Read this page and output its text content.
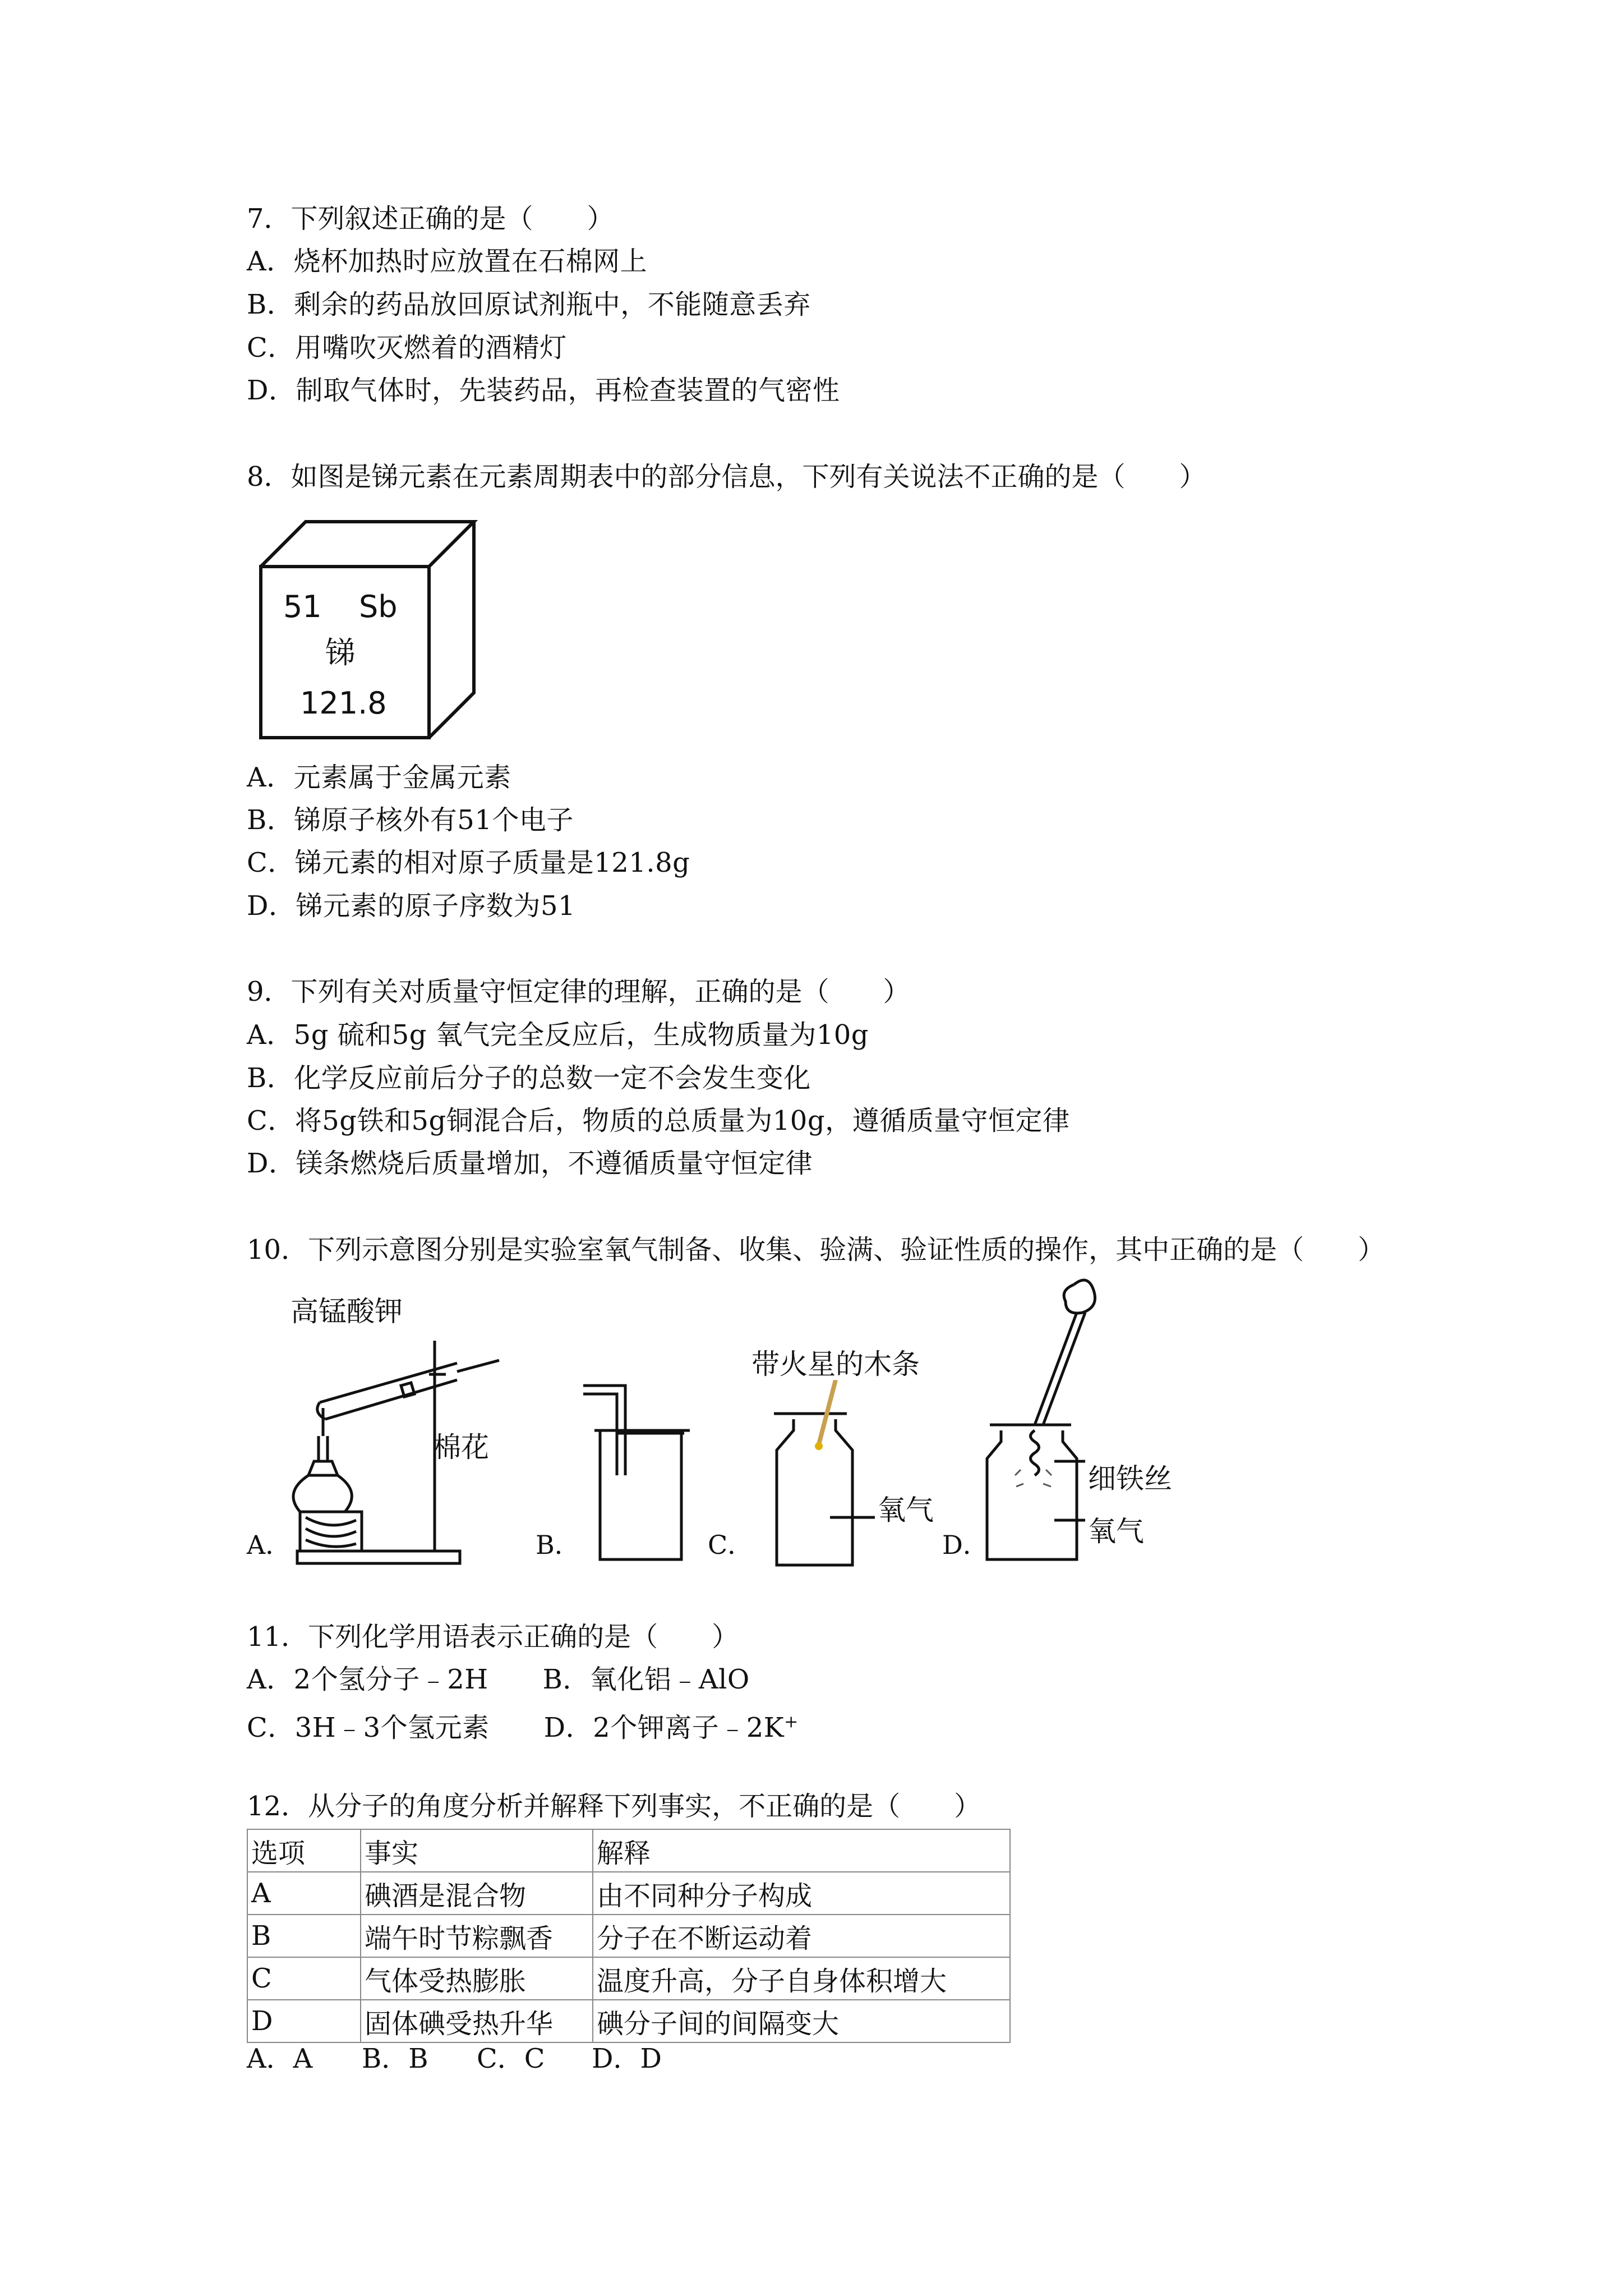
7．下列叙述正确的是（　　）
A．烧杯加热时应放置在石棉网上
B．剩余的药品放回原试剂瓶中，不能随意丢弃
C．用嘴吹灭燃着的酒精灯
D．制取气体时，先装药品，再检查装置的气密性
8．如图是锑元素在元素周期表中的部分信息，下列有关说法不正确的是（　　）
51 Sb
锑
121.8
A．元素属于金属元素
B．锑原子核外有51个电子
C．锑元素的相对原子质量是121.8g
D．锑元素的原子序数为51
9．下列有关对质量守恒定律的理解，正确的是（　　）
A．5g 硫和5g 氧气完全反应后，生成物质量为10g
B．化学反应前后分子的总数一定不会发生变化
C．将5g铁和5g铜混合后，物质的总质量为10g，遵循质量守恒定律
D．镁条燃烧后质量增加，不遵循质量守恒定律
10．下列示意图分别是实验室氧气制备、收集、验满、验证性质的操作，其中正确的是（　　）
A．
高锰酸钾
棉花
B．	C．
带火星的木条
氧气
D．
细铁丝
氧气
11．下列化学用语表示正确的是（　　）
A．2个氢分子﹣2H　　B．氧化铝﹣AlO
C．3H﹣3个氢元素　　D．2个钾离子﹣2K+
12．从分子的角度分析并解释下列事实，不正确的是（　　）
选项	事实	解释
A	碘酒是混合物	由不同种分子构成
B	端午时节粽飘香	分子在不断运动着
C	气体受热膨胀	温度升高，分子自身体积增大
D	固体碘受热升华	碘分子间的间隔变大
A．A B．B C．C D．D
